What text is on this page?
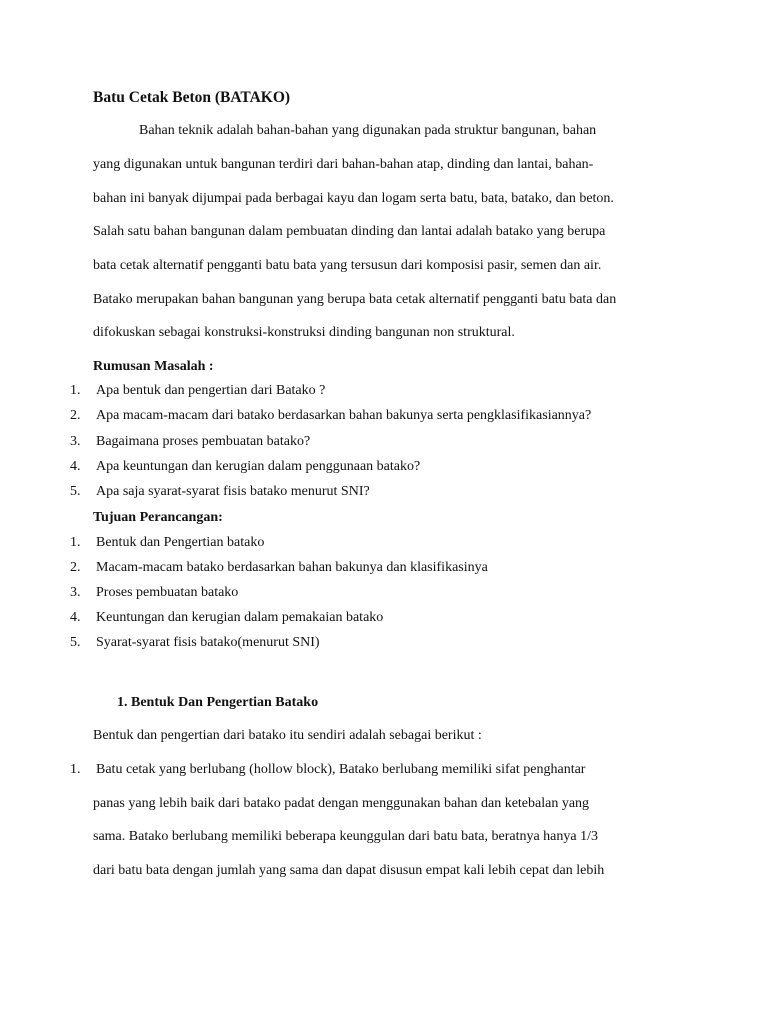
Batu Cetak Beton (BATAKO)
Bahan teknik adalah bahan-bahan yang digunakan pada struktur bangunan, bahan
yang digunakan untuk bangunan terdiri dari bahan-bahan atap, dinding dan lantai, bahan-
bahan ini banyak dijumpai pada berbagai kayu dan logam serta batu, bata, batako, dan beton.
Salah satu bahan bangunan dalam pembuatan dinding dan lantai adalah batako yang berupa
bata cetak alternatif pengganti batu bata yang tersusun dari komposisi pasir, semen dan air.
Batako merupakan bahan bangunan yang berupa bata cetak alternatif pengganti batu bata dan
difokuskan sebagai konstruksi-konstruksi dinding bangunan non struktural.
Rumusan Masalah :
1. Apa bentuk dan pengertian dari Batako ?
2. Apa macam-macam dari batako berdasarkan bahan bakunya serta pengklasifikasiannya?
3. Bagaimana proses pembuatan batako?
4. Apa keuntungan dan kerugian dalam penggunaan batako?
5. Apa saja syarat-syarat fisis batako menurut SNI?
Tujuan Perancangan:
1. Bentuk dan Pengertian batako
2. Macam-macam batako berdasarkan bahan bakunya dan klasifikasinya
3. Proses pembuatan batako
4. Keuntungan dan kerugian dalam pemakaian batako
5. Syarat-syarat fisis batako(menurut SNI)
1. Bentuk Dan Pengertian Batako
Bentuk dan pengertian dari batako itu sendiri adalah sebagai berikut :
1. Batu cetak yang berlubang (hollow block), Batako berlubang memiliki sifat penghantar
panas yang lebih baik dari batako padat dengan menggunakan bahan dan ketebalan yang
sama. Batako berlubang memiliki beberapa keunggulan dari batu bata, beratnya hanya 1/3
dari batu bata dengan jumlah yang sama dan dapat disusun empat kali lebih cepat dan lebih
